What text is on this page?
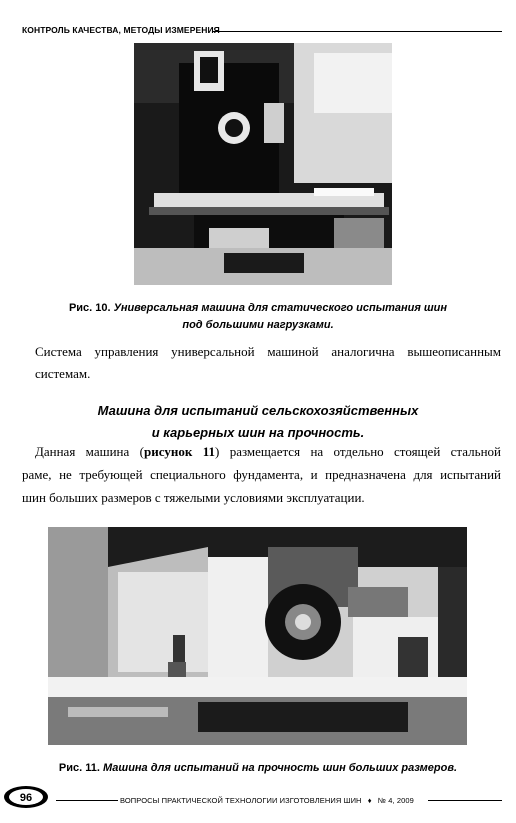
КОНТРОЛЬ КАЧЕСТВА, МЕТОДЫ ИЗМЕРЕНИЯ
Рис. 10. Универсальная машина для статического испытания шин
под большими нагрузками.
Система управления универсальной машиной аналогична вышеописанным
системам.
Машина для испытаний сельскохозяйственных
и карьерных шин на прочность.
Данная машина (рисунок 11) размещается на отдельно стоящей стальной
раме, не требующей специального фундамента, и предназначена для испытаний
шин больших размеров с тяжелыми условиями эксплуатации.
Рис. 11. Машина для испытаний на прочность шин больших размеров.
96	ВОПРОСЫ ПРАКТИЧЕСКОЙ ТЕХНОЛОГИИ ИЗГОТОВЛЕНИЯ ШИН ♦ № 4, 2009
